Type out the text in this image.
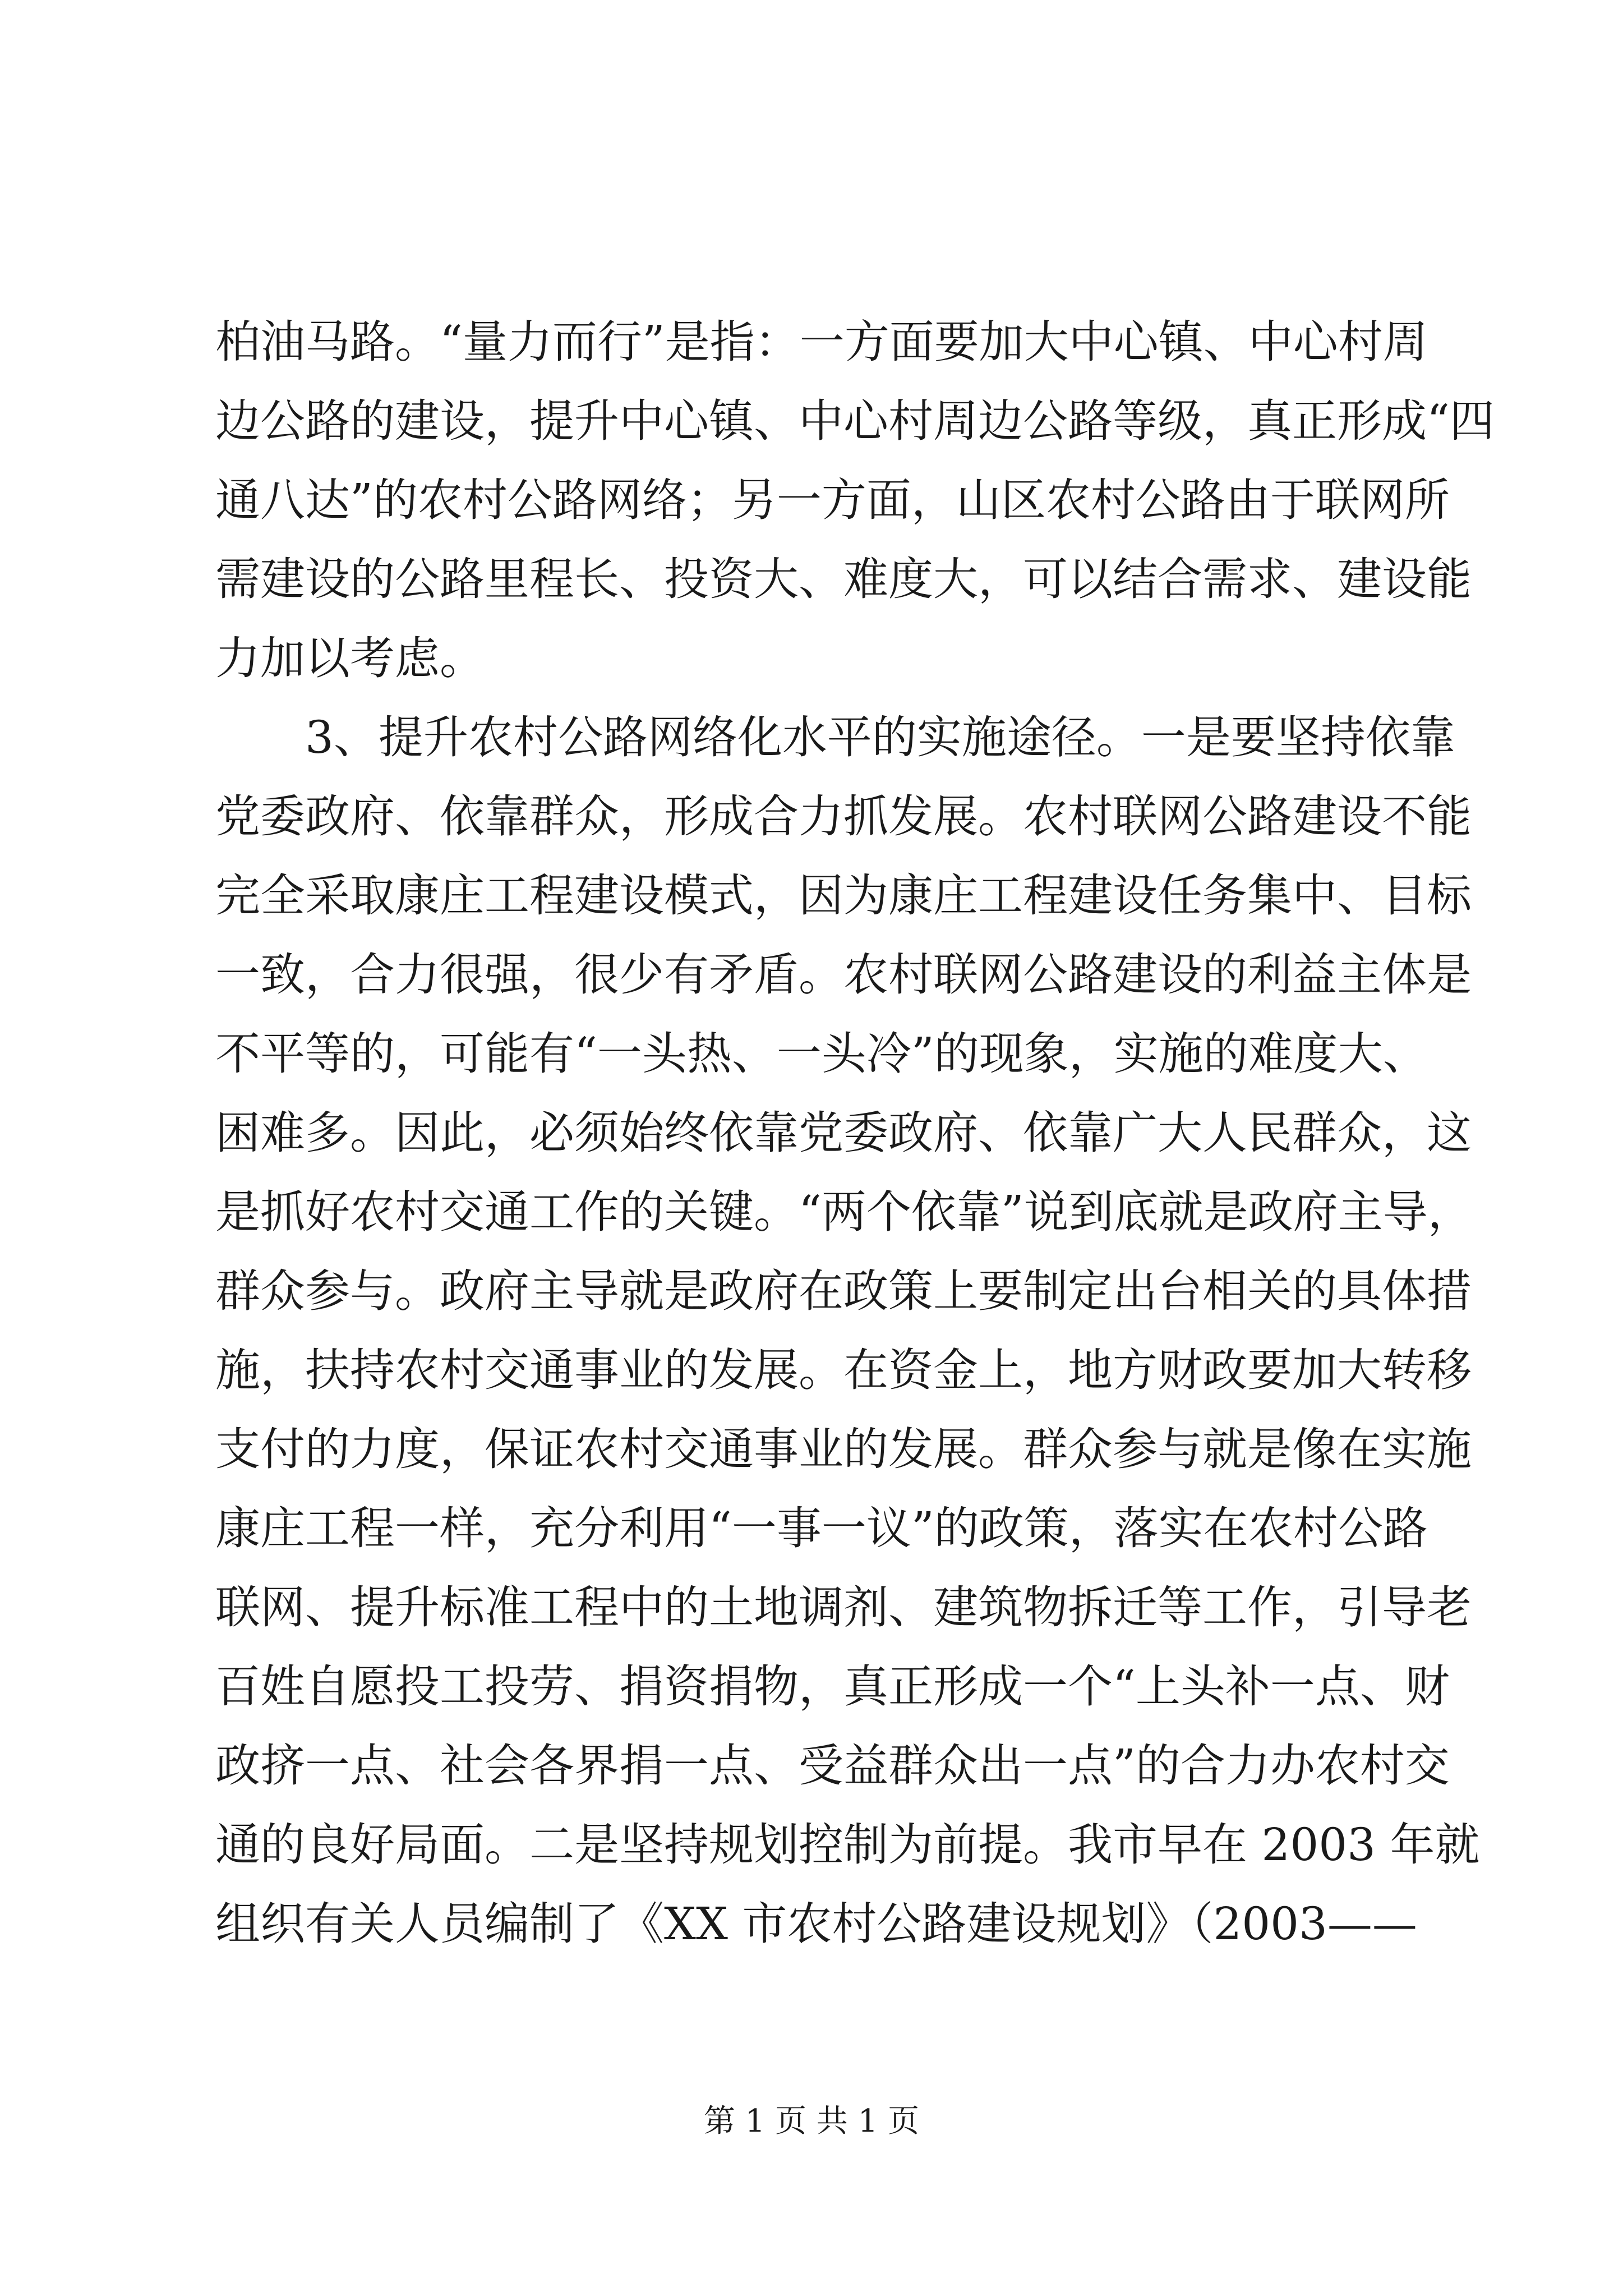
柏油马路。“量力而行”是指：一方面要加大中心镇、中心村周
边公路的建设，提升中心镇、中心村周边公路等级，真正形成“四
通八达”的农村公路网络；另一方面，山区农村公路由于联网所
需建设的公路里程长、投资大、难度大，可以结合需求、建设能
力加以考虑。
3、提升农村公路网络化水平的实施途径。一是要坚持依靠
党委政府、依靠群众，形成合力抓发展。农村联网公路建设不能
完全采取康庄工程建设模式，因为康庄工程建设任务集中、目标
一致，合力很强，很少有矛盾。农村联网公路建设的利益主体是
不平等的，可能有“一头热、一头冷”的现象，实施的难度大、
困难多。因此，必须始终依靠党委政府、依靠广大人民群众，这
是抓好农村交通工作的关键。“两个依靠”说到底就是政府主导，
群众参与。政府主导就是政府在政策上要制定出台相关的具体措
施，扶持农村交通事业的发展。在资金上，地方财政要加大转移
支付的力度，保证农村交通事业的发展。群众参与就是像在实施
康庄工程一样，充分利用“一事一议”的政策，落实在农村公路
联网、提升标准工程中的土地调剂、建筑物拆迁等工作，引导老
百姓自愿投工投劳、捐资捐物，真正形成一个“上头补一点、财
政挤一点、社会各界捐一点、受益群众出一点”的合力办农村交
通的良好局面。二是坚持规划控制为前提。我市早在 2003 年就
组织有关人员编制了《XX 市农村公路建设规划》（2003——
第 1 页 共 1 页
